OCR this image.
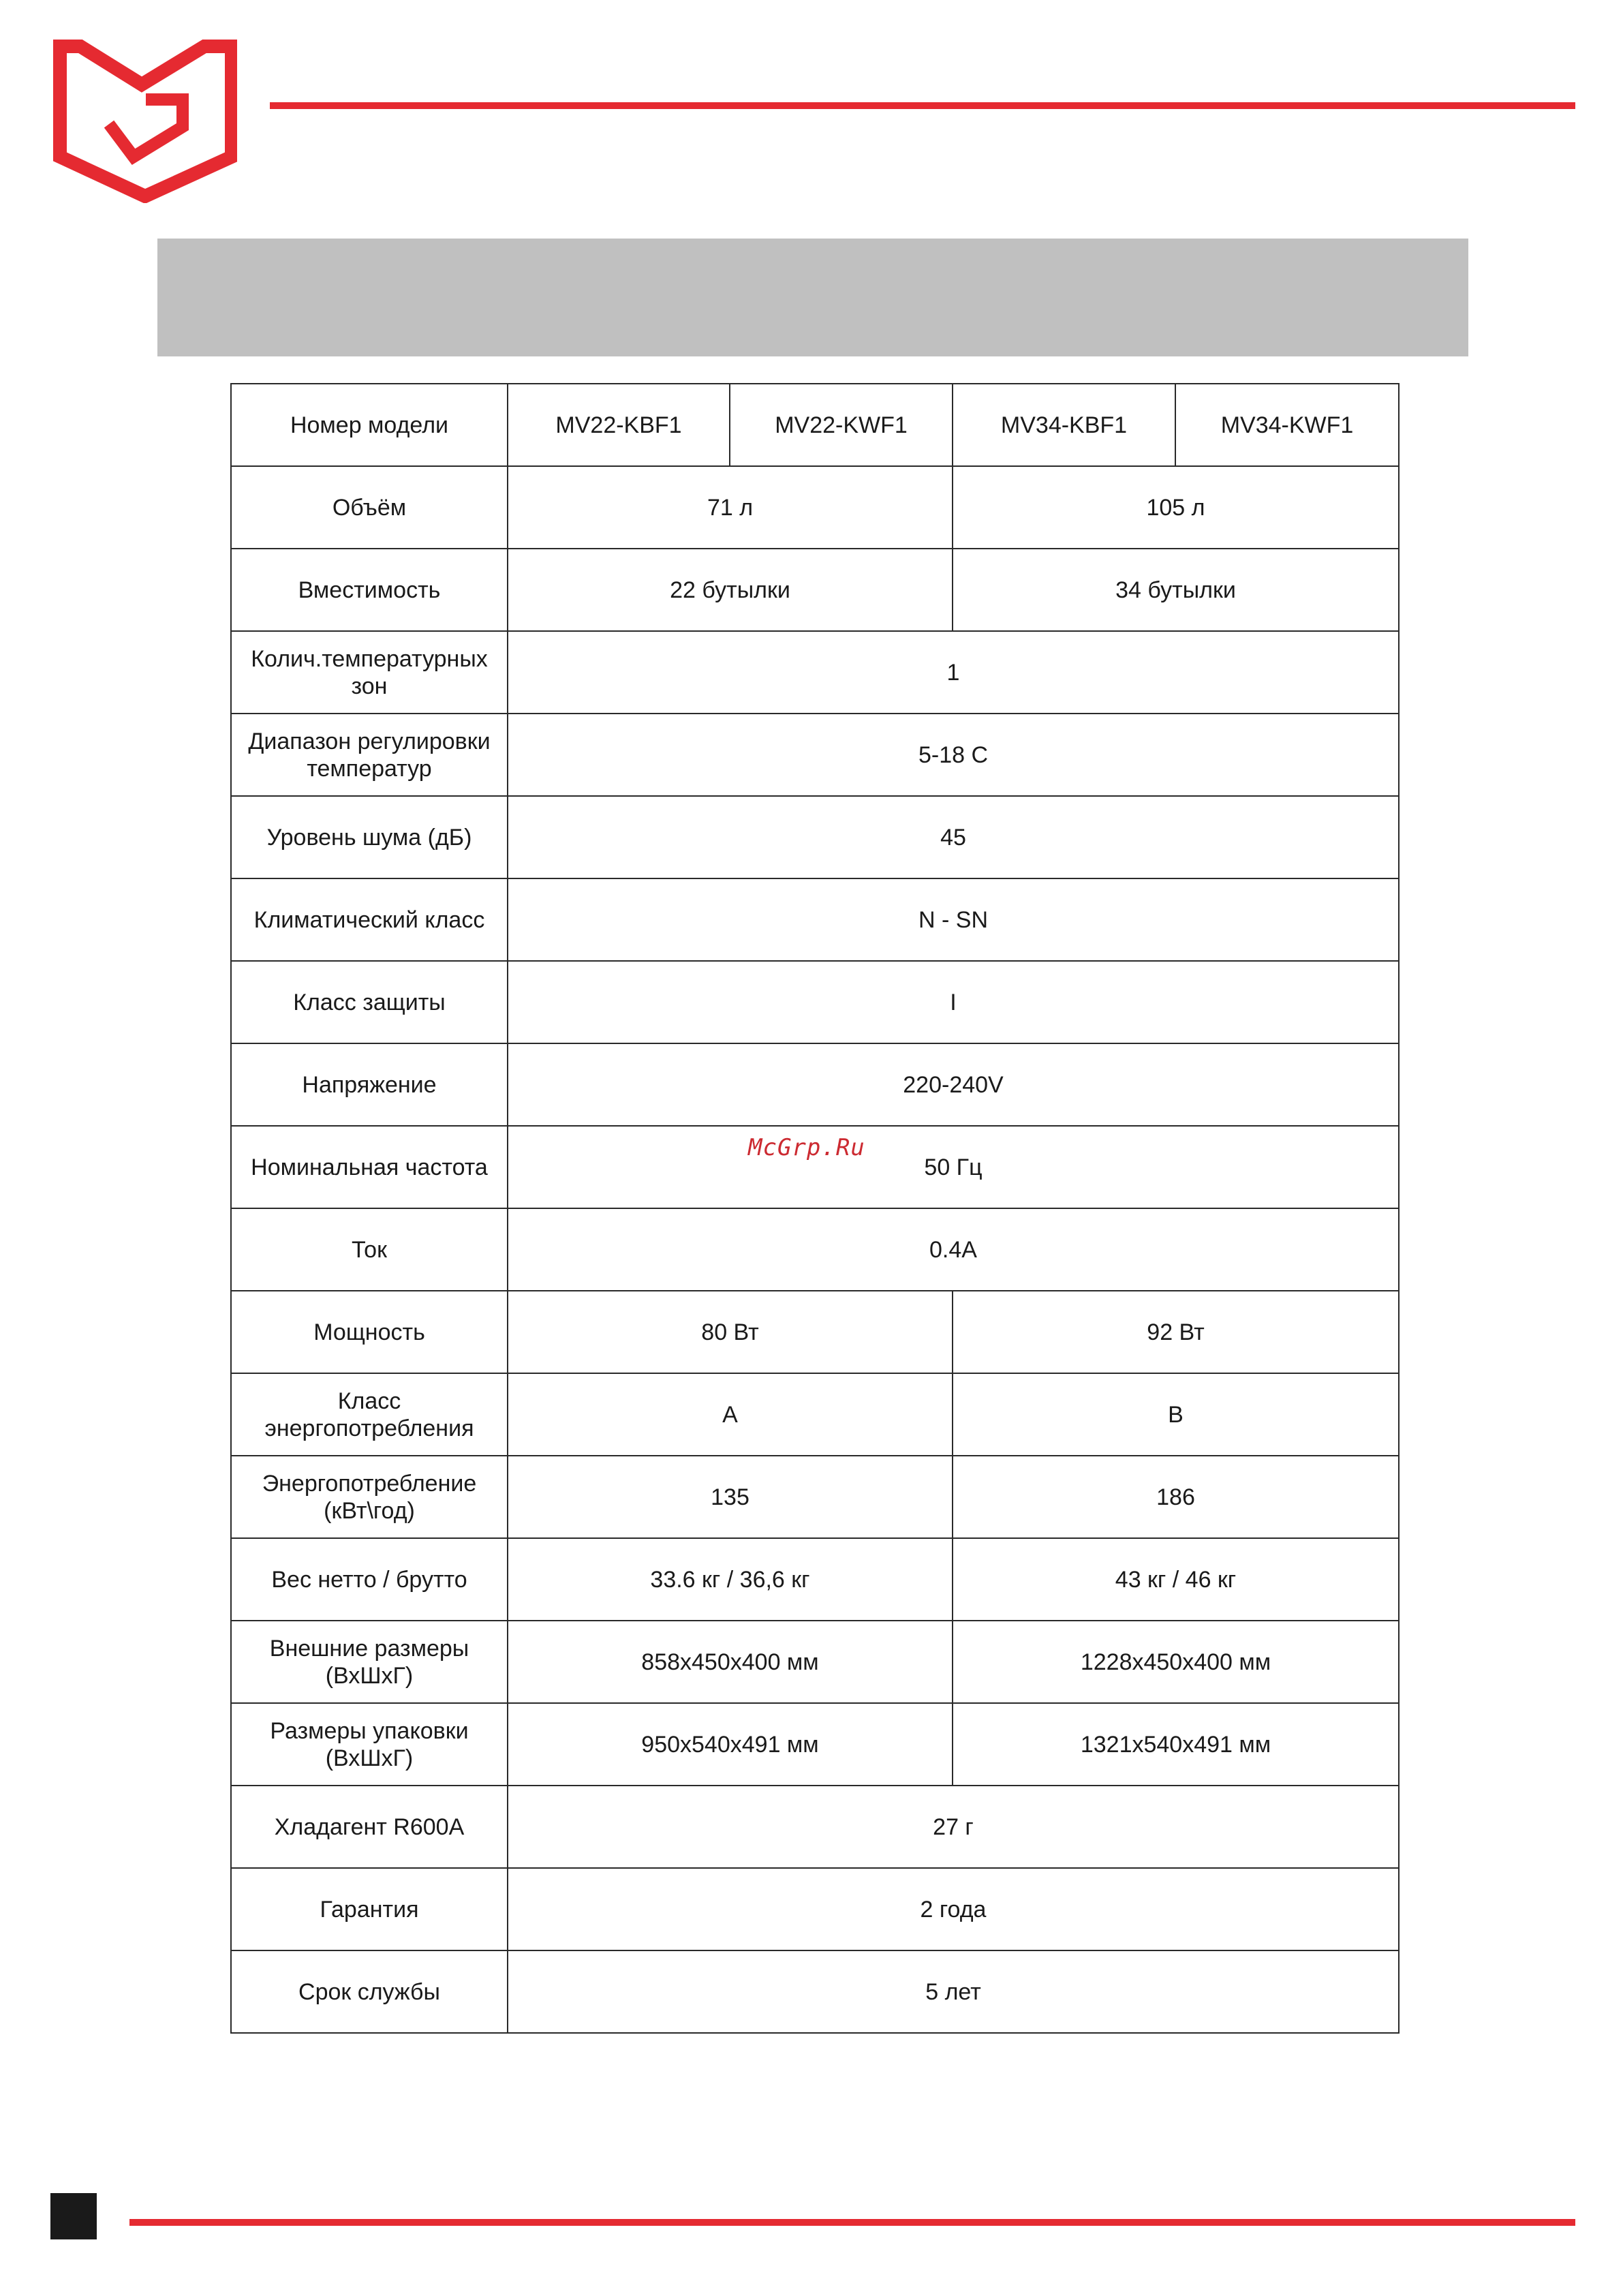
Номер модели	MV22-KBF1	MV22-KWF1	MV34-KBF1	MV34-KWF1
Объём	71 л		105 л	
Вместимость	22 бутылки		34 бутылки	
Колич.температурных
зон	1			
Диапазон регулировки
температур	5-18 С			
Уровень шума (дБ)	45			
Климатический класс	N - SN			
Класс защиты	I			
Напряжение	220-240V			
Номинальная частота	50 Гц			
Ток	0.4A			
Мощность	80 Вт		92 Вт	
Класс
энергопотребления	A		B	
Энергопотребление
(кВт\год)	135		186	
Вес нетто / брутто	33.6 кг / 36,6 кг		43 кг / 46 кг	
Внешние размеры
(ВхШхГ)	858х450х400 мм		1228х450х400 мм	
Размеры упаковки
(ВхШхГ)	950х540х491 мм		1321х540х491 мм	
Хладагент R600A	27 г			
Гарантия	2 года			
Срок службы	5 лет			
McGrp.Ru
